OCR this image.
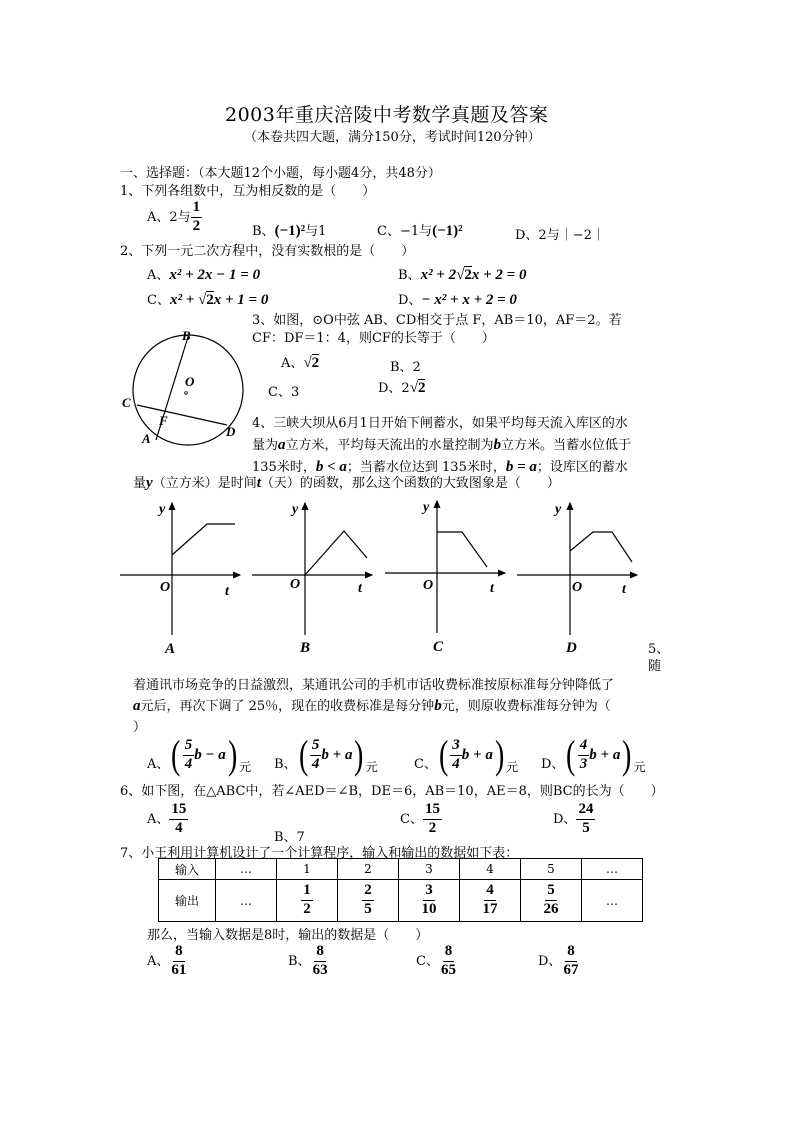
2003年重庆涪陵中考数学真题及答案
（本卷共四大题，满分150分，考试时间120分钟）
一、选择题：（本大题12个小题，每小题4分，共48分）
1、下列各组数中，互为相反数的是（　　）
A、2与 $\frac{1}{2}$	B、(−1)²与1	C、−1与(−1)²	D、2与｜−2｜
2、下列一元二次方程中，没有实数根的是（　　）
A、x² + 2x − 1 = 0	B、x² + 2√2x + 2 = 0
C、x² + √2x + 1 = 0	D、− x² + x + 2 = 0
3、如图，⊙O中弦 AB、CD相交于点 F，AB＝10，AF＝2。若
CF：DF＝1：4，则CF的长等于（　　）
A、√2	B、2
C、3	D、2√2
B
O
C
F
A	D
4、三峡大坝从6月1日开始下闸蓄水，如果平均每天流入库区的水
量为a立方米，平均每天流出的水量控制为b立方米。当蓄水位低于
135米时，b < a；当蓄水位达到 135米时，b = a；设库区的蓄水
量y（立方米）是时间t（天）的函数，那么这个函数的大致图象是（　　）
y
O	t
A
y
O	t
B
y
O	t
C
y
O	t
D	5、
随
着通讯市场竞争的日益激烈，某通讯公司的手机市话收费标准按原标准每分钟降低了
a元后，再次下调了 25％，现在的收费标准是每分钟b元，则原收费标准每分钟为（
）
A、 ( $\frac{5}{4}$ b − a ) 元 B、 ( $\frac{5}{4}$ b + a ) 元	C、 ( $\frac{3}{4}$ b + a ) 元 D、 ( $\frac{4}{3}$ b + a ) 元
6、如下图，在△ABC中，若∠AED＝∠B，DE＝6，AB＝10，AE＝8，则BC的长为（　　）
A、 $\frac{15}{4}$
B、7
C、 $\frac{15}{2}$	D、 $\frac{24}{5}$
7、小王利用计算机设计了一个计算程序，输入和输出的数据如下表：
输入	…	1	2	3	4	5	…
输出	…	$\frac{1}{2}$	$\frac{2}{5}$	$\frac{3}{10}$	$\frac{4}{17}$	$\frac{5}{26}$	…
那么，当输入数据是8时，输出的数据是（　　）
A、 $\frac{8}{61}$	B、 $\frac{8}{63}$	C、 $\frac{8}{65}$	D、 $\frac{8}{67}$
